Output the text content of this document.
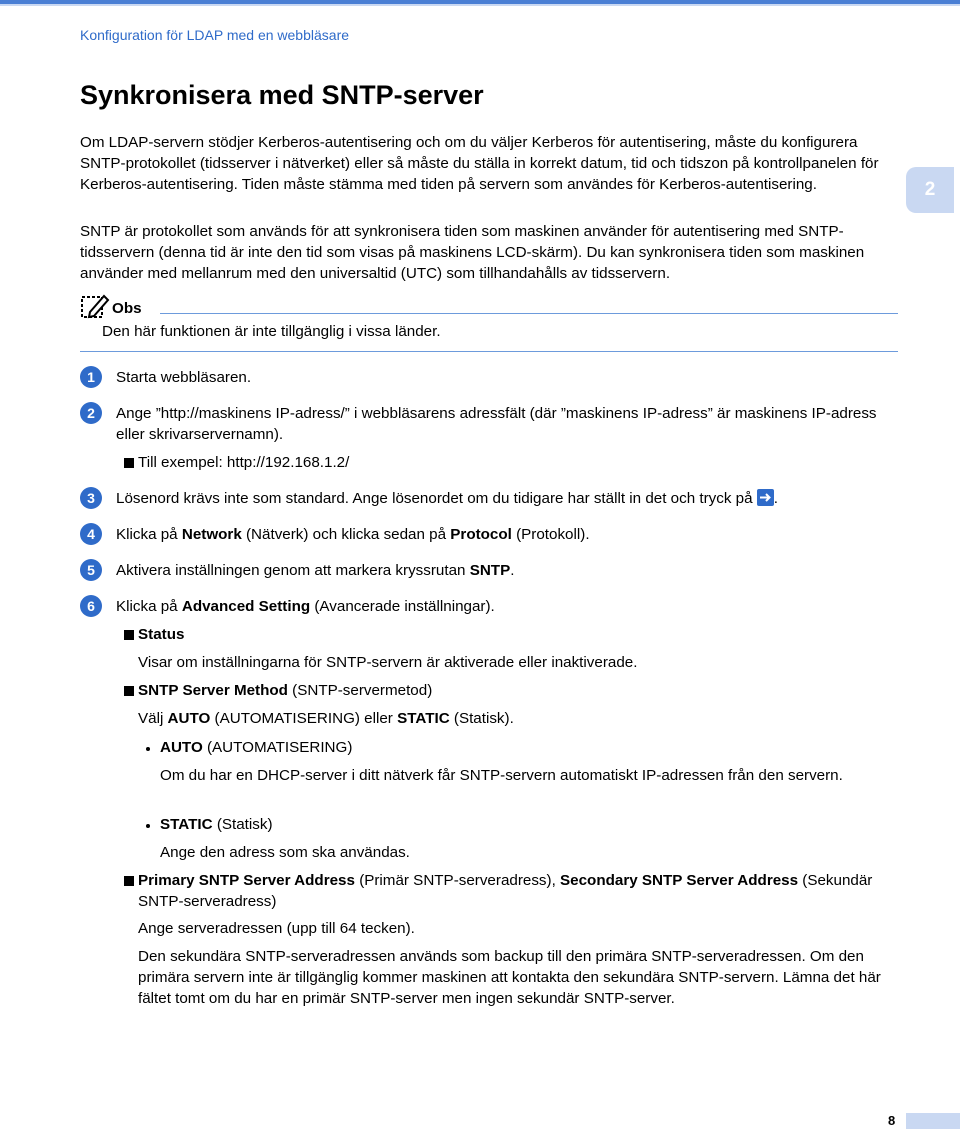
Konfiguration för LDAP med en webbläsare
2
Synkronisera med SNTP-server

Om LDAP-servern stödjer Kerberos-autentisering och om du väljer Kerberos för autentisering, måste du konfigurera SNTP-protokollet (tidsserver i nätverket) eller så måste du ställa in korrekt datum, tid och tidszon på kontrollpanelen för Kerberos-autentisering. Tiden måste stämma med tiden på servern som användes för Kerberos-autentisering.

SNTP är protokollet som används för att synkronisera tiden som maskinen använder för autentisering med SNTP-tidsservern (denna tid är inte den tid som visas på maskinens LCD-skärm). Du kan synkronisera tiden som maskinen använder med mellanrum med den universaltid (UTC) som tillhandahålls av tidsservern.

Obs
Den här funktionen är inte tillgänglig i vissa länder.
1	Starta webbläsaren.
2	Ange ”http://maskinens IP-adress/” i webbläsarens adressfält (där ”maskinens IP-adress” är maskinens IP-adress eller skrivarservernamn).
Till exempel: http://192.168.1.2/
3	Lösenord krävs inte som standard. Ange lösenordet om du tidigare har ställt in det och tryck på .
4	Klicka på Network (Nätverk) och klicka sedan på Protocol (Protokoll).
5	Aktivera inställningen genom att markera kryssrutan SNTP.
6	Klicka på Advanced Setting (Avancerade inställningar).
Status
Visar om inställningarna för SNTP-servern är aktiverade eller inaktiverade.
SNTP Server Method (SNTP-servermetod)
Välj AUTO (AUTOMATISERING) eller STATIC (Statisk).
AUTO (AUTOMATISERING)
Om du har en DHCP-server i ditt nätverk får SNTP-servern automatiskt IP-adressen från den servern.
STATIC (Statisk)
Ange den adress som ska användas.
Primary SNTP Server Address (Primär SNTP-serveradress), Secondary SNTP Server Address (Sekundär SNTP-serveradress)
Ange serveradressen (upp till 64 tecken).
Den sekundära SNTP-serveradressen används som backup till den primära SNTP-serveradressen. Om den primära servern inte är tillgänglig kommer maskinen att kontakta den sekundära SNTP-servern. Lämna det här fältet tomt om du har en primär SNTP-server men ingen sekundär SNTP-server.
8
